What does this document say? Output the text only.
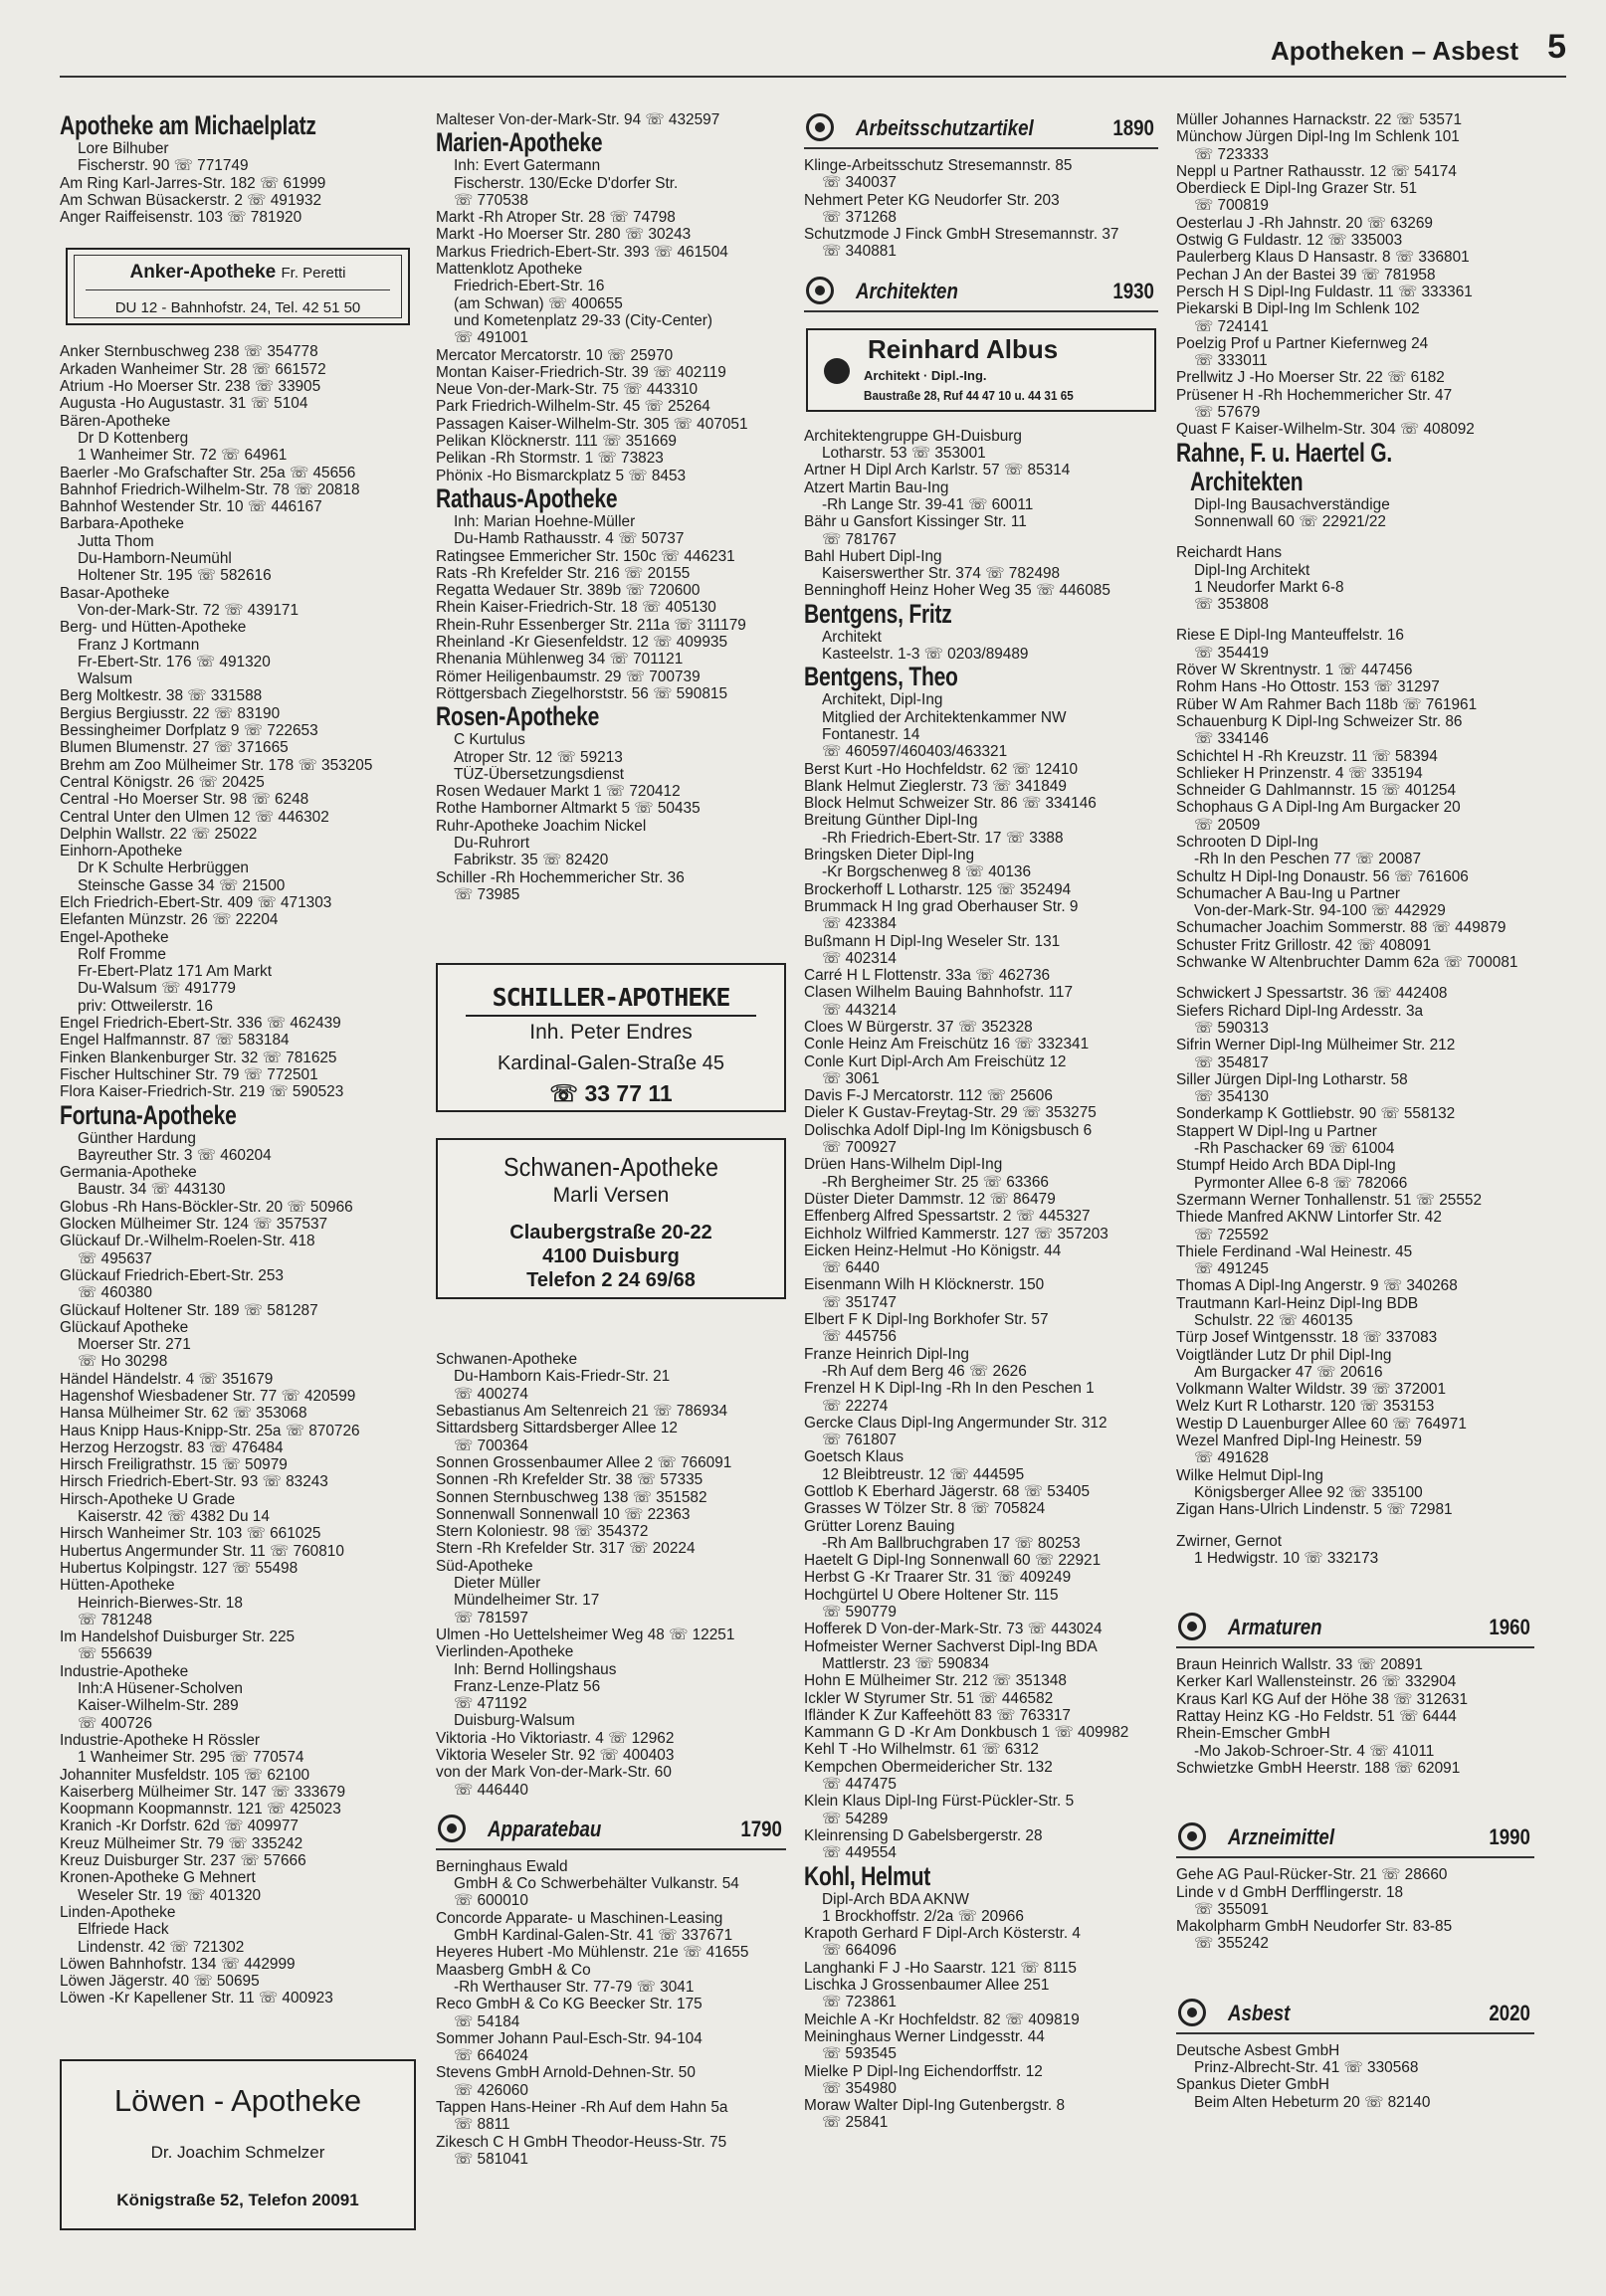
Apotheken – Asbest 5
Apotheke am Michaelplatz
Lore Bilhuber
Fischerstr. 90 ☏ 771749
Am Ring Karl-Jarres-Str. 182 ☏ 61999
Am Schwan Büsackerstr. 2 ☏ 491932
Anger Raiffeisenstr. 103 ☏ 781920
Anker-Apotheke Fr. Peretti
DU 12 - Bahnhofstr. 24, Tel. 42 51 50
Anker Sternbuschweg 238 ☏ 354778
Arkaden Wanheimer Str. 28 ☏ 661572
Atrium -Ho Moerser Str. 238 ☏ 33905
Augusta -Ho Augustastr. 31 ☏ 5104
Bären-Apotheke
Dr D Kottenberg
1 Wanheimer Str. 72 ☏ 64961
Baerler -Mo Grafschafter Str. 25a ☏ 45656
Bahnhof Friedrich-Wilhelm-Str. 78 ☏ 20818
Bahnhof Westender Str. 10 ☏ 446167
Barbara-Apotheke
Jutta Thom
Du-Hamborn-Neumühl
Holtener Str. 195 ☏ 582616
Basar-Apotheke
Von-der-Mark-Str. 72 ☏ 439171
Berg- und Hütten-Apotheke
Franz J Kortmann
Fr-Ebert-Str. 176 ☏ 491320
Walsum
Berg Moltkestr. 38 ☏ 331588
Bergius Bergiusstr. 22 ☏ 83190
Bessingheimer Dorfplatz 9 ☏ 722653
Blumen Blumenstr. 27 ☏ 371665
Brehm am Zoo Mülheimer Str. 178 ☏ 353205
Central Königstr. 26 ☏ 20425
Central -Ho Moerser Str. 98 ☏ 6248
Central Unter den Ulmen 12 ☏ 446302
Delphin Wallstr. 22 ☏ 25022
Einhorn-Apotheke
Dr K Schulte Herbrüggen
Steinsche Gasse 34 ☏ 21500
Elch Friedrich-Ebert-Str. 409 ☏ 471303
Elefanten Münzstr. 26 ☏ 22204
Engel-Apotheke
Rolf Fromme
Fr-Ebert-Platz 171 Am Markt
Du-Walsum ☏ 491779
priv: Ottweilerstr. 16
Engel Friedrich-Ebert-Str. 336 ☏ 462439
Engel Halfmannstr. 87 ☏ 583184
Finken Blankenburger Str. 32 ☏ 781625
Fischer Hultschiner Str. 79 ☏ 772501
Flora Kaiser-Friedrich-Str. 219 ☏ 590523
Fortuna-Apotheke
Günther Hardung
Bayreuther Str. 3 ☏ 460204
Germania-Apotheke
Baustr. 34 ☏ 443130
Globus -Rh Hans-Böckler-Str. 20 ☏ 50966
Glocken Mülheimer Str. 124 ☏ 357537
Glückauf Dr.-Wilhelm-Roelen-Str. 418
☏ 495637
Glückauf Friedrich-Ebert-Str. 253
☏ 460380
Glückauf Holtener Str. 189 ☏ 581287
Glückauf Apotheke
Moerser Str. 271
☏ Ho 30298
Händel Händelstr. 4 ☏ 351679
Hagenshof Wiesbadener Str. 77 ☏ 420599
Hansa Mülheimer Str. 62 ☏ 353068
Haus Knipp Haus-Knipp-Str. 25a ☏ 870726
Herzog Herzogstr. 83 ☏ 476484
Hirsch Freiligrathstr. 15 ☏ 50979
Hirsch Friedrich-Ebert-Str. 93 ☏ 83243
Hirsch-Apotheke U Grade
Kaiserstr. 42 ☏ 4382 Du 14
Hirsch Wanheimer Str. 103 ☏ 661025
Hubertus Angermunder Str. 11 ☏ 760810
Hubertus Kolpingstr. 127 ☏ 55498
Hütten-Apotheke
Heinrich-Bierwes-Str. 18
☏ 781248
Im Handelshof Duisburger Str. 225
☏ 556639
Industrie-Apotheke
Inh:A Hüsener-Scholven
Kaiser-Wilhelm-Str. 289
☏ 400726
Industrie-Apotheke H Rössler
1 Wanheimer Str. 295 ☏ 770574
Johanniter Musfeldstr. 105 ☏ 62100
Kaiserberg Mülheimer Str. 147 ☏ 333679
Koopmann Koopmannstr. 121 ☏ 425023
Kranich -Kr Dorfstr. 62d ☏ 409977
Kreuz Mülheimer Str. 79 ☏ 335242
Kreuz Duisburger Str. 237 ☏ 57666
Kronen-Apotheke G Mehnert
Weseler Str. 19 ☏ 401320
Linden-Apotheke
Elfriede Hack
Lindenstr. 42 ☏ 721302
Löwen Bahnhofstr. 134 ☏ 442999
Löwen Jägerstr. 40 ☏ 50695
Löwen -Kr Kapellener Str. 11 ☏ 400923
Löwen - Apotheke
Dr. Joachim Schmelzer
Königstraße 52, Telefon 20091
Malteser Von-der-Mark-Str. 94 ☏ 432597
Marien-Apotheke
Inh: Evert Gatermann
Fischerstr. 130/Ecke D'dorfer Str.
☏ 770538
Markt -Rh Atroper Str. 28 ☏ 74798
Markt -Ho Moerser Str. 280 ☏ 30243
Markus Friedrich-Ebert-Str. 393 ☏ 461504
Mattenklotz Apotheke
Friedrich-Ebert-Str. 16
(am Schwan) ☏ 400655
und Kometenplatz 29-33 (City-Center)
☏ 491001
Mercator Mercatorstr. 10 ☏ 25970
Montan Kaiser-Friedrich-Str. 39 ☏ 402119
Neue Von-der-Mark-Str. 75 ☏ 443310
Park Friedrich-Wilhelm-Str. 45 ☏ 25264
Passagen Kaiser-Wilhelm-Str. 305 ☏ 407051
Pelikan Klöcknerstr. 111 ☏ 351669
Pelikan -Rh Stormstr. 1 ☏ 73823
Phönix -Ho Bismarckplatz 5 ☏ 8453
Rathaus-Apotheke
Inh: Marian Hoehne-Müller
Du-Hamb Rathausstr. 4 ☏ 50737
Ratingsee Emmericher Str. 150c ☏ 446231
Rats -Rh Krefelder Str. 216 ☏ 20155
Regatta Wedauer Str. 389b ☏ 720600
Rhein Kaiser-Friedrich-Str. 18 ☏ 405130
Rhein-Ruhr Essenberger Str. 211a ☏ 311179
Rheinland -Kr Giesenfeldstr. 12 ☏ 409935
Rhenania Mühlenweg 34 ☏ 701121
Römer Heiligenbaumstr. 29 ☏ 700739
Röttgersbach Ziegelhorststr. 56 ☏ 590815
Rosen-Apotheke
C Kurtulus
Atroper Str. 12 ☏ 59213
TÜZ-Übersetzungsdienst
Rosen Wedauer Markt 1 ☏ 720412
Rothe Hamborner Altmarkt 5 ☏ 50435
Ruhr-Apotheke Joachim Nickel
Du-Ruhrort
Fabrikstr. 35 ☏ 82420
Schiller -Rh Hochemmericher Str. 36
☏ 73985
SCHILLER-APOTHEKE
Inh. Peter Endres
Kardinal-Galen-Straße 45
☏ 33 77 11
Schwanen-Apotheke
Marli Versen
Claubergstraße 20-22
4100 Duisburg
Telefon 2 24 69/68
Schwanen-Apotheke
Du-Hamborn Kais-Friedr-Str. 21
☏ 400274
Sebastianus Am Seltenreich 21 ☏ 786934
Sittardsberg Sittardsberger Allee 12
☏ 700364
Sonnen Grossenbaumer Allee 2 ☏ 766091
Sonnen -Rh Krefelder Str. 38 ☏ 57335
Sonnen Sternbuschweg 138 ☏ 351582
Sonnenwall Sonnenwall 10 ☏ 22363
Stern Koloniestr. 98 ☏ 354372
Stern -Rh Krefelder Str. 317 ☏ 20224
Süd-Apotheke
Dieter Müller
Mündelheimer Str. 17
☏ 781597
Ulmen -Ho Uettelsheimer Weg 48 ☏ 12251
Vierlinden-Apotheke
Inh: Bernd Hollingshaus
Franz-Lenze-Platz 56
☏ 471192
Duisburg-Walsum
Viktoria -Ho Viktoriastr. 4 ☏ 12962
Viktoria Weseler Str. 92 ☏ 400403
von der Mark Von-der-Mark-Str. 60
☏ 446440
Apparatebau	1790
Berninghaus Ewald
GmbH & Co Schwerbehälter Vulkanstr. 54
☏ 600010
Concorde Apparate- u Maschinen-Leasing
GmbH Kardinal-Galen-Str. 41 ☏ 337671
Heyeres Hubert -Mo Mühlenstr. 21e ☏ 41655
Maasberg GmbH & Co
-Rh Werthauser Str. 77-79 ☏ 3041
Reco GmbH & Co KG Beecker Str. 175
☏ 54184
Sommer Johann Paul-Esch-Str. 94-104
☏ 664024
Stevens GmbH Arnold-Dehnen-Str. 50
☏ 426060
Tappen Hans-Heiner -Rh Auf dem Hahn 5a
☏ 8811
Zikesch C H GmbH Theodor-Heuss-Str. 75
☏ 581041
Arbeitsschutzartikel	1890
Klinge-Arbeitsschutz Stresemannstr. 85
☏ 340037
Nehmert Peter KG Neudorfer Str. 203
☏ 371268
Schutzmode J Finck GmbH Stresemannstr. 37
☏ 340881
Architekten	1930
Reinhard Albus
Architekt · Dipl.-Ing.
Baustraße 28, Ruf 44 47 10 u. 44 31 65
Architektengruppe GH-Duisburg
Lotharstr. 53 ☏ 353001
Artner H Dipl Arch Karlstr. 57 ☏ 85314
Atzert Martin Bau-Ing
-Rh Lange Str. 39-41 ☏ 60011
Bähr u Gansfort Kissinger Str. 11
☏ 781767
Bahl Hubert Dipl-Ing
Kaiserswerther Str. 374 ☏ 782498
Benninghoff Heinz Hoher Weg 35 ☏ 446085
Bentgens, Fritz
Architekt
Kasteelstr. 1-3 ☏ 0203/89489
Bentgens, Theo
Architekt, Dipl-Ing
Mitglied der Architektenkammer NW
Fontanestr. 14
☏ 460597/460403/463321
Berst Kurt -Ho Hochfeldstr. 62 ☏ 12410
Blank Helmut Zieglerstr. 73 ☏ 341849
Block Helmut Schweizer Str. 86 ☏ 334146
Breitung Günther Dipl-Ing
-Rh Friedrich-Ebert-Str. 17 ☏ 3388
Bringsken Dieter Dipl-Ing
-Kr Borgschenweg 8 ☏ 40136
Brockerhoff L Lotharstr. 125 ☏ 352494
Brummack H Ing grad Oberhauser Str. 9
☏ 423384
Bußmann H Dipl-Ing Weseler Str. 131
☏ 402314
Carré H L Flottenstr. 33a ☏ 462736
Clasen Wilhelm Bauing Bahnhofstr. 117
☏ 443214
Cloes W Bürgerstr. 37 ☏ 352328
Conle Heinz Am Freischütz 16 ☏ 332341
Conle Kurt Dipl-Arch Am Freischütz 12
☏ 3061
Davis F-J Mercatorstr. 112 ☏ 25606
Dieler K Gustav-Freytag-Str. 29 ☏ 353275
Dolischka Adolf Dipl-Ing Im Königsbusch 6
☏ 700927
Drüen Hans-Wilhelm Dipl-Ing
-Rh Bergheimer Str. 25 ☏ 63366
Düster Dieter Dammstr. 12 ☏ 86479
Effenberg Alfred Spessartstr. 2 ☏ 445327
Eichholz Wilfried Kammerstr. 127 ☏ 357203
Eicken Heinz-Helmut -Ho Königstr. 44
☏ 6440
Eisenmann Wilh H Klöcknerstr. 150
☏ 351747
Elbert F K Dipl-Ing Borkhofer Str. 57
☏ 445756
Franze Heinrich Dipl-Ing
-Rh Auf dem Berg 46 ☏ 2626
Frenzel H K Dipl-Ing -Rh In den Peschen 1
☏ 22274
Gercke Claus Dipl-Ing Angermunder Str. 312
☏ 761807
Goetsch Klaus
12 Bleibtreustr. 12 ☏ 444595
Gottlob K Eberhard Jägerstr. 68 ☏ 53405
Grasses W Tölzer Str. 8 ☏ 705824
Grütter Lorenz Bauing
-Rh Am Ballbruchgraben 17 ☏ 80253
Haetelt G Dipl-Ing Sonnenwall 60 ☏ 22921
Herbst G -Kr Traarer Str. 31 ☏ 409249
Hochgürtel U Obere Holtener Str. 115
☏ 590779
Hofferek D Von-der-Mark-Str. 73 ☏ 443024
Hofmeister Werner Sachverst Dipl-Ing BDA
Mattlerstr. 23 ☏ 590834
Hohn E Mülheimer Str. 212 ☏ 351348
Ickler W Styrumer Str. 51 ☏ 446582
Ifländer K Zur Kaffeehött 83 ☏ 763317
Kammann G D -Kr Am Donkbusch 1 ☏ 409982
Kehl T -Ho Wilhelmstr. 61 ☏ 6312
Kempchen Obermeidericher Str. 132
☏ 447475
Klein Klaus Dipl-Ing Fürst-Pückler-Str. 5
☏ 54289
Kleinrensing D Gabelsbergerstr. 28
☏ 449554
Kohl, Helmut
Dipl-Arch BDA AKNW
1 Brockhoffstr. 2/2a ☏ 20966
Krapoth Gerhard F Dipl-Arch Kösterstr. 4
☏ 664096
Langhanki F J -Ho Saarstr. 121 ☏ 8115
Lischka J Grossenbaumer Allee 251
☏ 723861
Meichle A -Kr Hochfeldstr. 82 ☏ 409819
Meininghaus Werner Lindgesstr. 44
☏ 593545
Mielke P Dipl-Ing Eichendorffstr. 12
☏ 354980
Moraw Walter Dipl-Ing Gutenbergstr. 8
☏ 25841
Müller Johannes Harnackstr. 22 ☏ 53571
Münchow Jürgen Dipl-Ing Im Schlenk 101
☏ 723333
Neppl u Partner Rathausstr. 12 ☏ 54174
Oberdieck E Dipl-Ing Grazer Str. 51
☏ 700819
Oesterlau J -Rh Jahnstr. 20 ☏ 63269
Ostwig G Fuldastr. 12 ☏ 335003
Paulerberg Klaus D Hansastr. 8 ☏ 336801
Pechan J An der Bastei 39 ☏ 781958
Persch H S Dipl-Ing Fuldastr. 11 ☏ 333361
Piekarski B Dipl-Ing Im Schlenk 102
☏ 724141
Poelzig Prof u Partner Kiefernweg 24
☏ 333011
Prellwitz J -Ho Moerser Str. 22 ☏ 6182
Prüsener H -Rh Hochemmericher Str. 47
☏ 57679
Quast F Kaiser-Wilhelm-Str. 304 ☏ 408092
Rahne, F. u. Haertel G.
Architekten
Dipl-Ing Bausachverständige
Sonnenwall 60 ☏ 22921/22
Reichardt Hans
Dipl-Ing Architekt
1 Neudorfer Markt 6-8
☏ 353808
Riese E Dipl-Ing Manteuffelstr. 16
☏ 354419
Röver W Skrentnystr. 1 ☏ 447456
Rohm Hans -Ho Ottostr. 153 ☏ 31297
Rüber W Am Rahmer Bach 118b ☏ 761961
Schauenburg K Dipl-Ing Schweizer Str. 86
☏ 334146
Schichtel H -Rh Kreuzstr. 11 ☏ 58394
Schlieker H Prinzenstr. 4 ☏ 335194
Schneider G Dahlmannstr. 15 ☏ 401254
Schophaus G A Dipl-Ing Am Burgacker 20
☏ 20509
Schrooten D Dipl-Ing
-Rh In den Peschen 77 ☏ 20087
Schultz H Dipl-Ing Donaustr. 56 ☏ 761606
Schumacher A Bau-Ing u Partner
Von-der-Mark-Str. 94-100 ☏ 442929
Schumacher Joachim Sommerstr. 88 ☏ 449879
Schuster Fritz Grillostr. 42 ☏ 408091
Schwanke W Altenbruchter Damm 62a ☏ 700081
Schwickert J Spessartstr. 36 ☏ 442408
Siefers Richard Dipl-Ing Ardesstr. 3a
☏ 590313
Sifrin Werner Dipl-Ing Mülheimer Str. 212
☏ 354817
Siller Jürgen Dipl-Ing Lotharstr. 58
☏ 354130
Sonderkamp K Gottliebstr. 90 ☏ 558132
Stappert W Dipl-Ing u Partner
-Rh Paschacker 69 ☏ 61004
Stumpf Heido Arch BDA Dipl-Ing
Pyrmonter Allee 6-8 ☏ 782066
Szermann Werner Tonhallenstr. 51 ☏ 25552
Thiede Manfred AKNW Lintorfer Str. 42
☏ 725592
Thiele Ferdinand -Wal Heinestr. 45
☏ 491245
Thomas A Dipl-Ing Angerstr. 9 ☏ 340268
Trautmann Karl-Heinz Dipl-Ing BDB
Schulstr. 22 ☏ 460135
Türp Josef Wintgensstr. 18 ☏ 337083
Voigtländer Lutz Dr phil Dipl-Ing
Am Burgacker 47 ☏ 20616
Volkmann Walter Wildstr. 39 ☏ 372001
Welz Kurt R Lotharstr. 120 ☏ 353153
Westip D Lauenburger Allee 60 ☏ 764971
Wezel Manfred Dipl-Ing Heinestr. 59
☏ 491628
Wilke Helmut Dipl-Ing
Königsberger Allee 92 ☏ 335100
Zigan Hans-Ulrich Lindenstr. 5 ☏ 72981
Zwirner, Gernot
1 Hedwigstr. 10 ☏ 332173
Armaturen	1960
Braun Heinrich Wallstr. 33 ☏ 20891
Kerker Karl Wallensteinstr. 26 ☏ 332904
Kraus Karl KG Auf der Höhe 38 ☏ 312631
Rattay Heinz KG -Ho Feldstr. 51 ☏ 6444
Rhein-Emscher GmbH
-Mo Jakob-Schroer-Str. 4 ☏ 41011
Schwietzke GmbH Heerstr. 188 ☏ 62091
Arzneimittel	1990
Gehe AG Paul-Rücker-Str. 21 ☏ 28660
Linde v d GmbH Derfflingerstr. 18
☏ 355091
Makolpharm GmbH Neudorfer Str. 83-85
☏ 355242
Asbest	2020
Deutsche Asbest GmbH
Prinz-Albrecht-Str. 41 ☏ 330568
Spankus Dieter GmbH
Beim Alten Hebeturm 20 ☏ 82140
